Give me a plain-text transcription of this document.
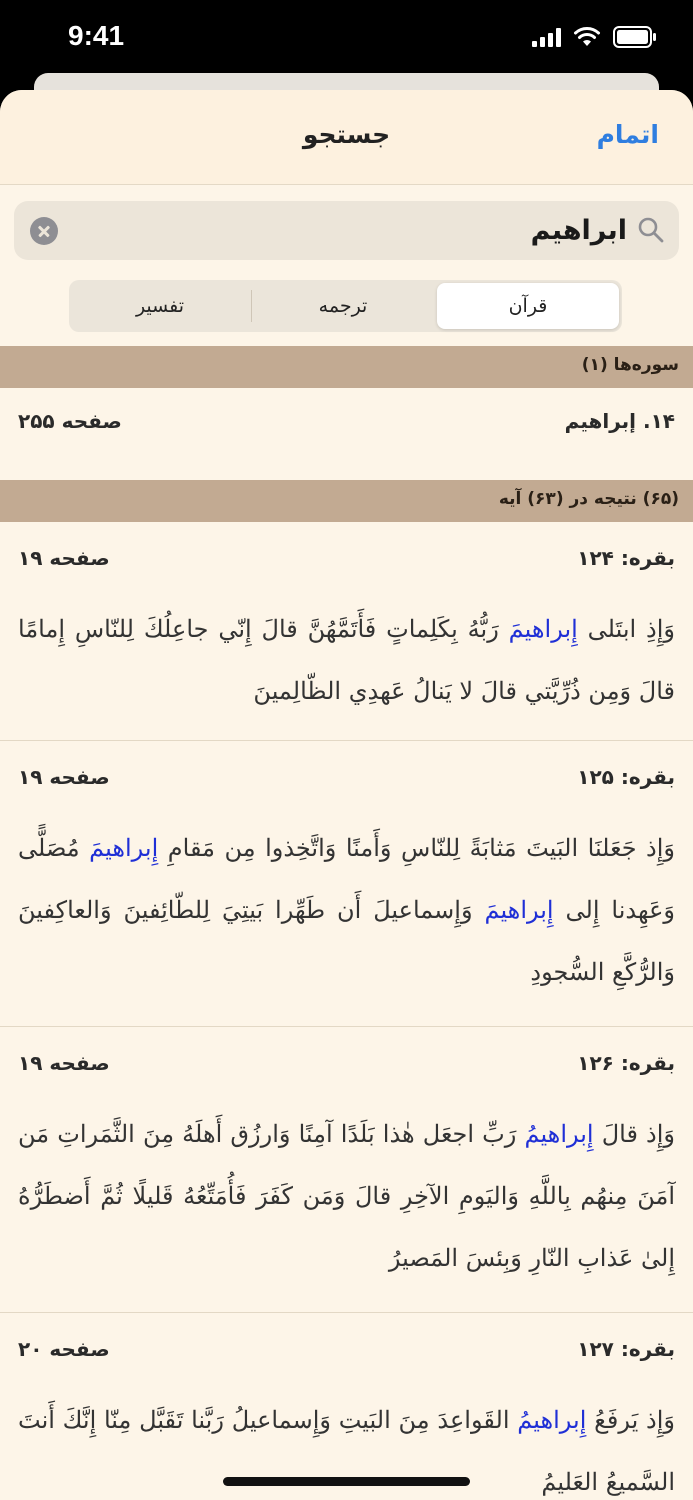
9:41
جستجو	اتمام
ابراهیم
قرآن
ترجمه
تفسیر
سوره‌ها (۱)
۱۴. إبراهيم
صفحه ۲۵۵
(۶۵) نتیجه در (۶۳) آیه
بقره: ۱۲۴
صفحه ۱۹
وَإِذِ ابتَلى إِبراهيمَ رَبُّهُ بِكَلِماتٍ فَأَتَمَّهُنَّ قالَ إِنّي جاعِلُكَ لِلنّاسِ إِمامًا قالَ وَمِن ذُرِّيَّتي قالَ لا يَنالُ عَهدِي الظّالِمينَ
بقره: ۱۲۵
صفحه ۱۹
وَإِذ جَعَلنَا البَيتَ مَثابَةً لِلنّاسِ وَأَمنًا وَاتَّخِذوا مِن مَقامِ إِبراهيمَ مُصَلًّى وَعَهِدنا إِلى إِبراهيمَ وَإِسماعيلَ أَن طَهِّرا بَيتِيَ لِلطّائِفينَ وَالعاكِفينَ وَالرُّكَّعِ السُّجودِ
بقره: ۱۲۶
صفحه ۱۹
وَإِذ قالَ إِبراهيمُ رَبِّ اجعَل هٰذا بَلَدًا آمِنًا وَارزُق أَهلَهُ مِنَ الثَّمَراتِ مَن آمَنَ مِنهُم بِاللَّهِ وَاليَومِ الآخِرِ قالَ وَمَن كَفَرَ فَأُمَتِّعُهُ قَليلًا ثُمَّ أَضطَرُّهُ إِلىٰ عَذابِ النّارِ وَبِئسَ المَصيرُ
بقره: ۱۲۷
صفحه ۲۰
وَإِذ يَرفَعُ إِبراهيمُ القَواعِدَ مِنَ البَيتِ وَإِسماعيلُ رَبَّنا تَقَبَّل مِنّا إِنَّكَ أَنتَ السَّميعُ العَليمُ
